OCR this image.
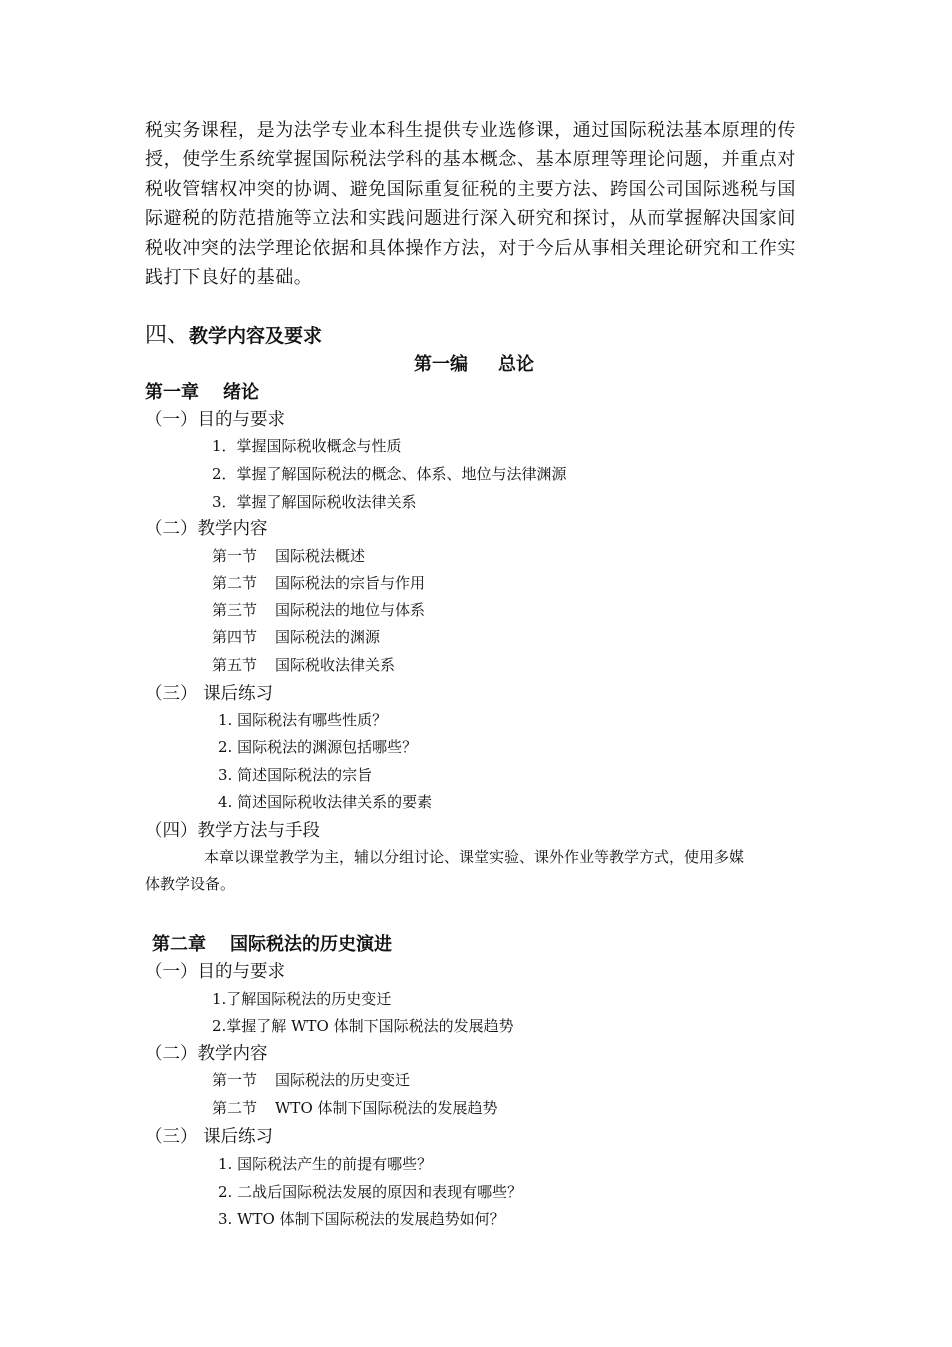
税实务课程，是为法学专业本科生提供专业选修课，通过国际税法基本原理的传
授，使学生系统掌握国际税法学科的基本概念、基本原理等理论问题，并重点对
税收管辖权冲突的协调、避免国际重复征税的主要方法、跨国公司国际逃税与国
际避税的防范措施等立法和实践问题进行深入研究和探讨，从而掌握解决国家间
税收冲突的法学理论依据和具体操作方法，对于今后从事相关理论研究和工作实
践打下良好的基础。
四、教学内容及要求
第一编 总论
第一章 绪论
（一）目的与要求
1．掌握国际税收概念与性质
2．掌握了解国际税法的概念、体系、地位与法律渊源
3．掌握了解国际税收法律关系
（二）教学内容
第一节 国际税法概述
第二节 国际税法的宗旨与作用
第三节 国际税法的地位与体系
第四节 国际税法的渊源
第五节 国际税收法律关系
（三） 课后练习
1. 国际税法有哪些性质？
2. 国际税法的渊源包括哪些？
3. 简述国际税法的宗旨
4. 简述国际税收法律关系的要素
（四）教学方法与手段
本章以课堂教学为主，辅以分组讨论、课堂实验、课外作业等教学方式，使用多媒
体教学设备。
第二章 国际税法的历史演进
（一）目的与要求
1.了解国际税法的历史变迁
2.掌握了解 WTO 体制下国际税法的发展趋势
（二）教学内容
第一节 国际税法的历史变迁
第二节 WTO 体制下国际税法的发展趋势
（三） 课后练习
1. 国际税法产生的前提有哪些？
2. 二战后国际税法发展的原因和表现有哪些？
3. WTO 体制下国际税法的发展趋势如何？
